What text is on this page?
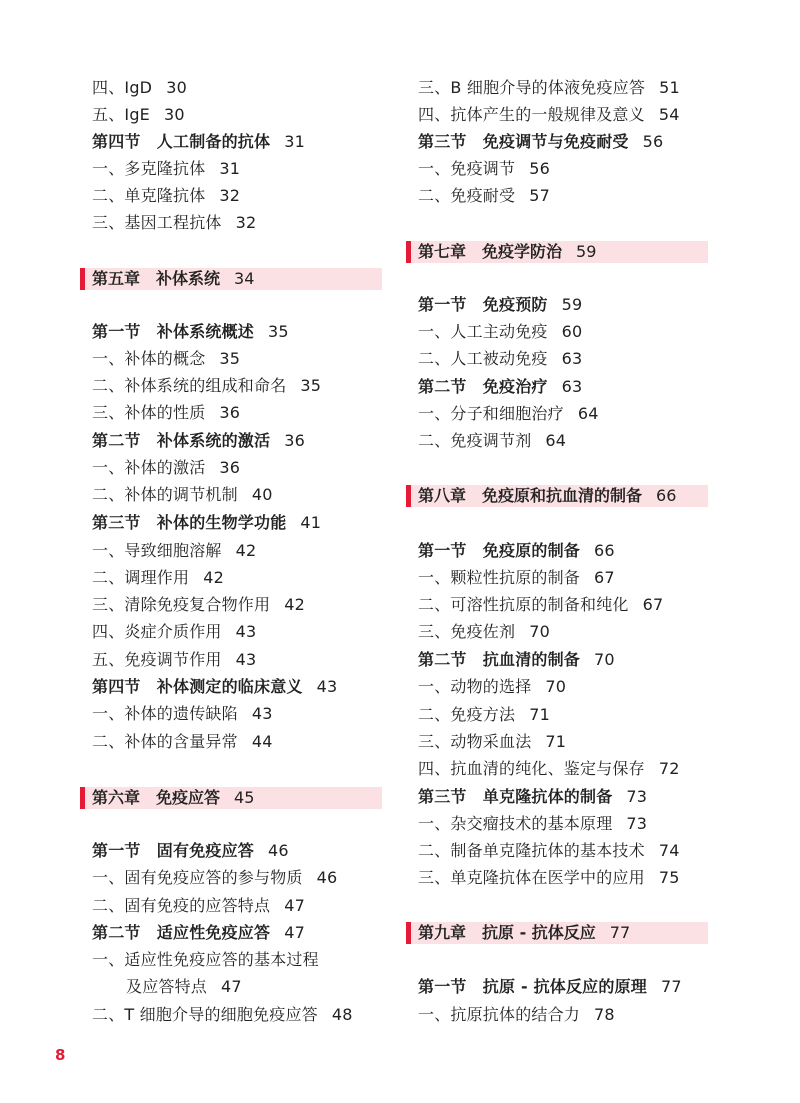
四、IgD 30
五、IgE 30
第四节　人工制备的抗体 31
一、多克隆抗体 31
二、单克隆抗体 32
三、基因工程抗体 32
第五章　补体系统 34
第一节　补体系统概述 35
一、补体的概念 35
二、补体系统的组成和命名 35
三、补体的性质 36
第二节　补体系统的激活 36
一、补体的激活 36
二、补体的调节机制 40
第三节　补体的生物学功能 41
一、导致细胞溶解 42
二、调理作用 42
三、清除免疫复合物作用 42
四、炎症介质作用 43
五、免疫调节作用 43
第四节　补体测定的临床意义 43
一、补体的遗传缺陷 43
二、补体的含量异常 44
第六章　免疫应答 45
第一节　固有免疫应答 46
一、固有免疫应答的参与物质 46
二、固有免疫的应答特点 47
第二节　适应性免疫应答 47
一、适应性免疫应答的基本过程
及应答特点 47
二、T 细胞介导的细胞免疫应答 48
三、B 细胞介导的体液免疫应答 51
四、抗体产生的一般规律及意义 54
第三节　免疫调节与免疫耐受 56
一、免疫调节 56
二、免疫耐受 57
第七章　免疫学防治 59
第一节　免疫预防 59
一、人工主动免疫 60
二、人工被动免疫 63
第二节　免疫治疗 63
一、分子和细胞治疗 64
二、免疫调节剂 64
第八章　免疫原和抗血清的制备 66
第一节　免疫原的制备 66
一、颗粒性抗原的制备 67
二、可溶性抗原的制备和纯化 67
三、免疫佐剂 70
第二节　抗血清的制备 70
一、动物的选择 70
二、免疫方法 71
三、动物采血法 71
四、抗血清的纯化、鉴定与保存 72
第三节　单克隆抗体的制备 73
一、杂交瘤技术的基本原理 73
二、制备单克隆抗体的基本技术 74
三、单克隆抗体在医学中的应用 75
第九章　抗原 - 抗体反应 77
第一节　抗原 - 抗体反应的原理 77
一、抗原抗体的结合力 78
8
